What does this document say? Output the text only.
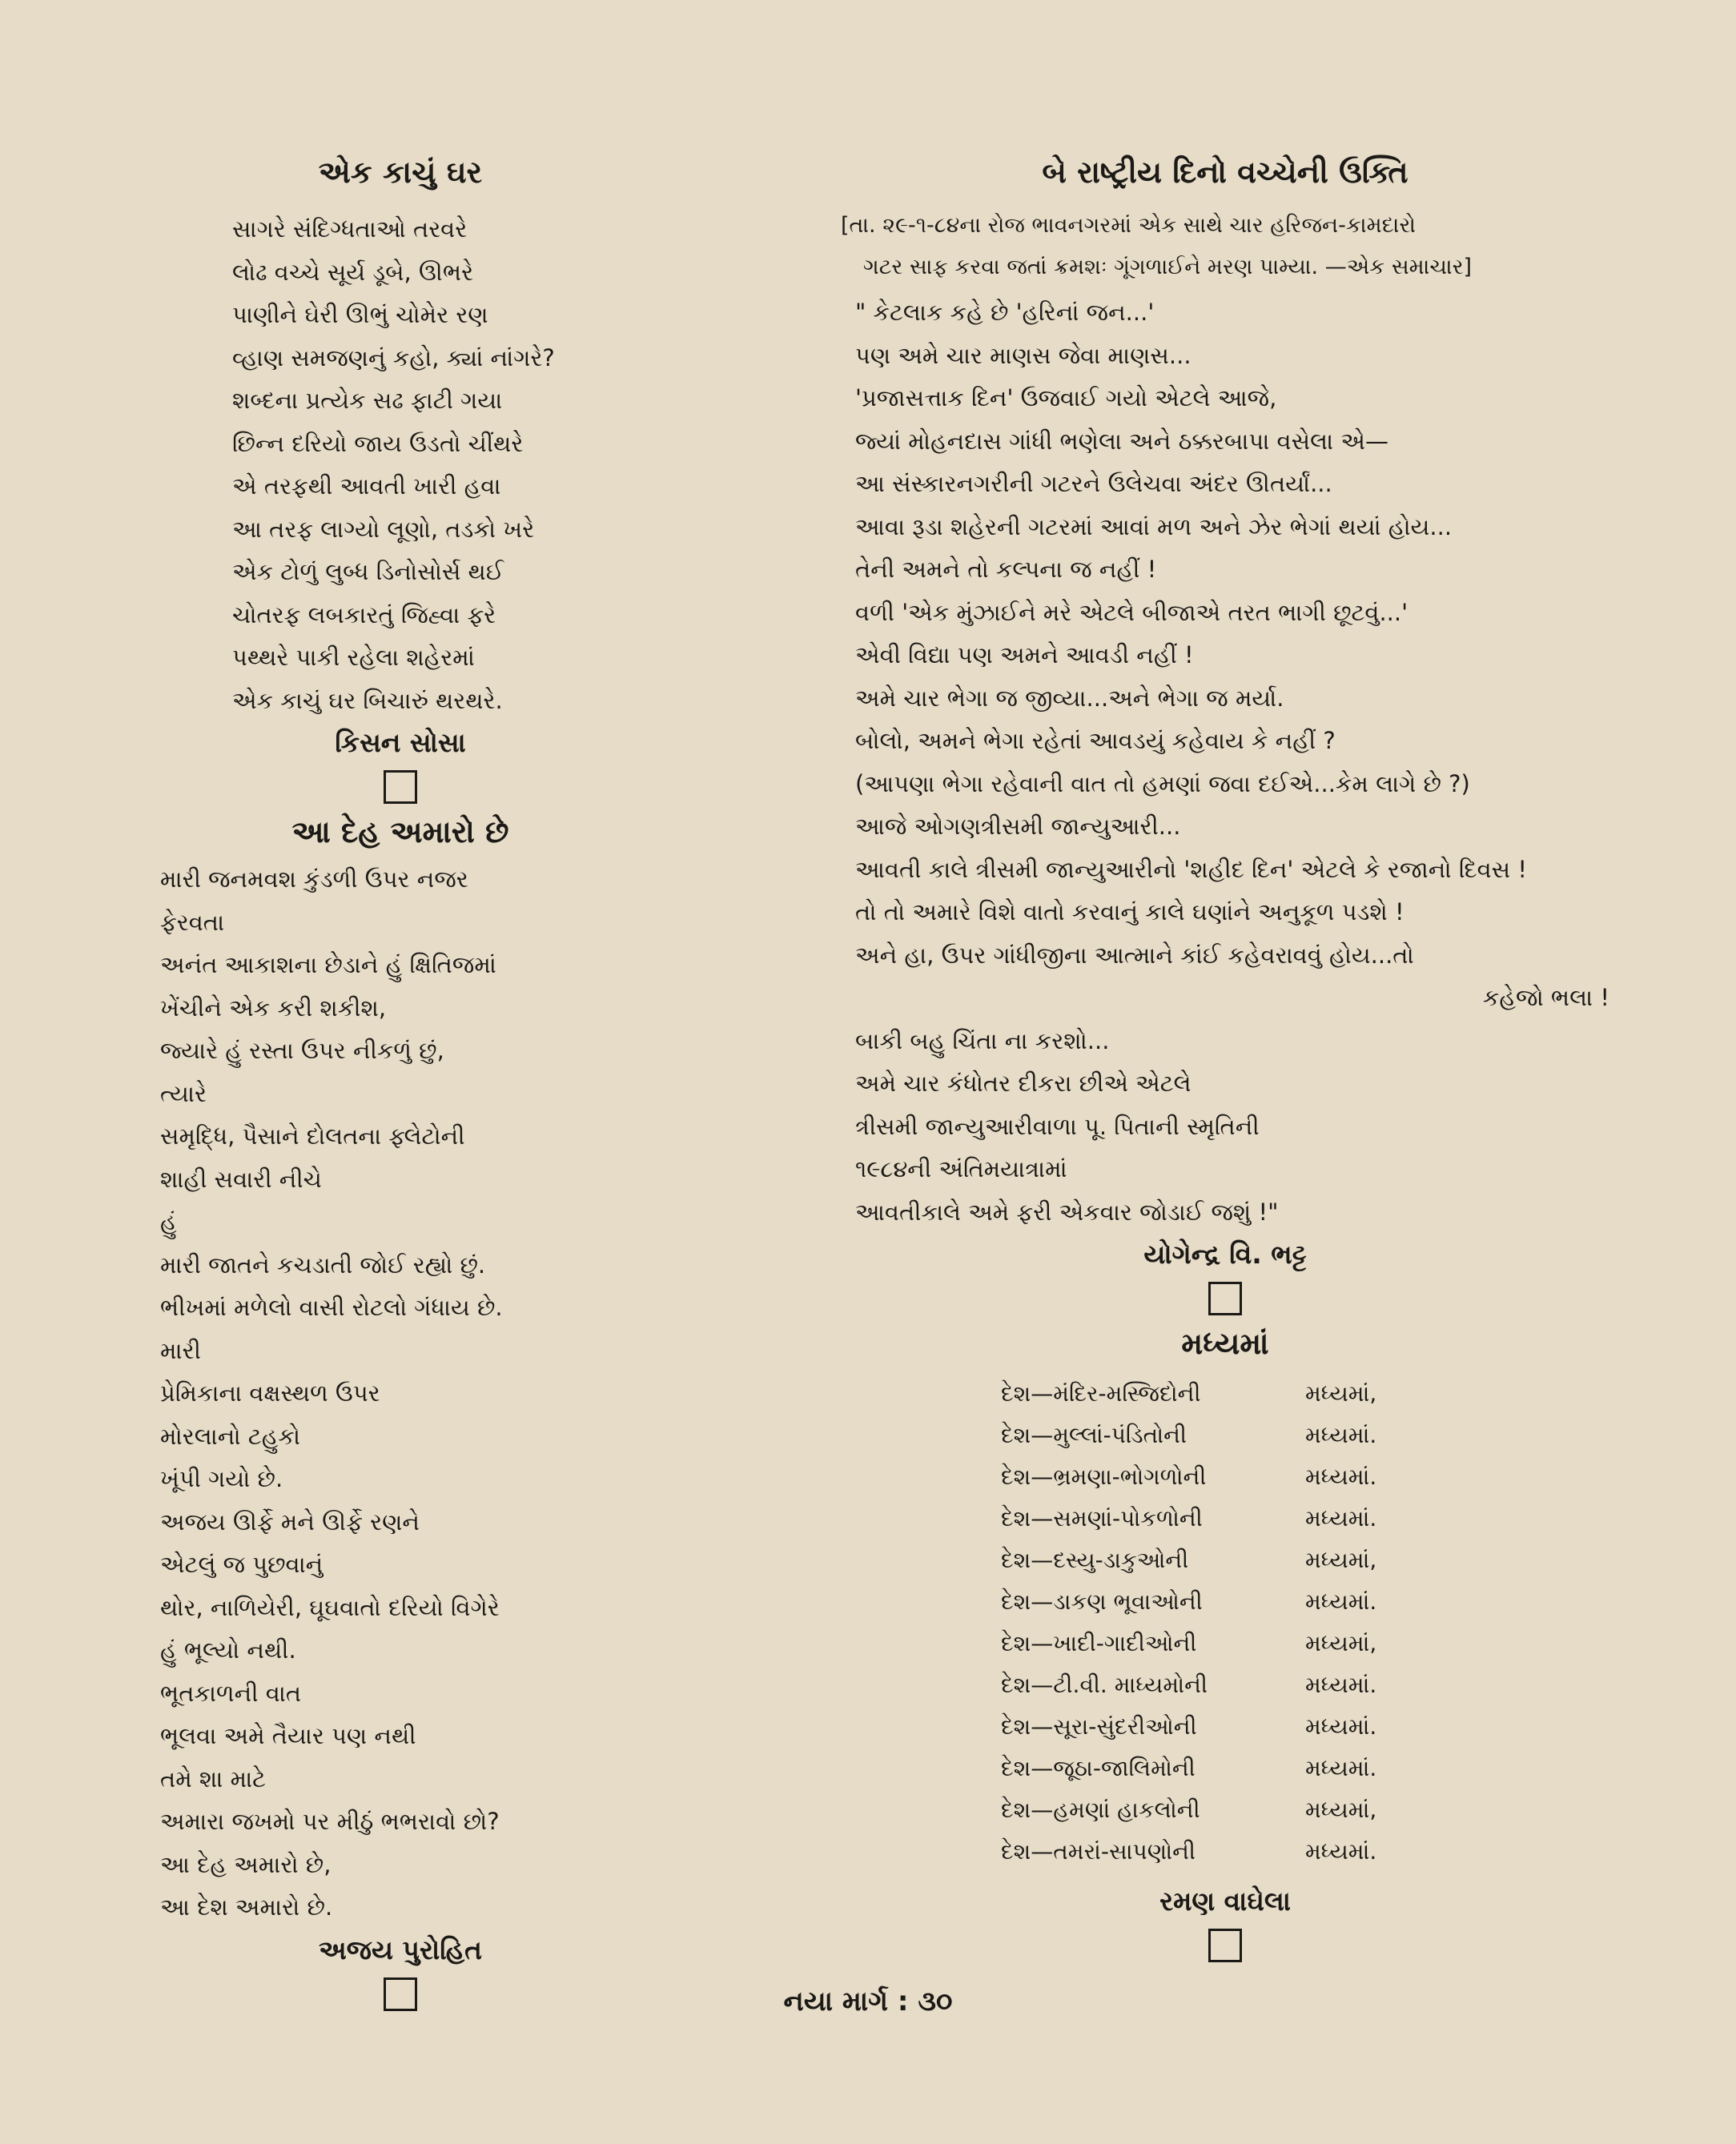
એક કાચું ઘર
સાગરે સંદિગ્ધતાઓ તરવરે
લોઢ વચ્ચે સૂર્ય ડૂબે, ઊભરે
પાણીને ઘેરી ઊભું ચોમેર રણ
વ્હાણ સમજણનું કહો, ક્યાં નાંગરે?
શબ્દના પ્રત્યેક સઢ ફાટી ગયા
છિન્ન દરિયો જાય ઉડતો ચીંથરે
એ તરફથી આવતી ખારી હવા
આ તરફ લાગ્યો લૂણો, તડકો ખરે
એક ટોળું લુબ્ધ ડિનોસોર્સ થઈ
ચોતરફ લબકારતું જિહ્વા ફરે
પથ્થરે પાકી રહેલા શહેરમાં
એક કાચું ઘર બિચારું થરથરે.
કિસન સોસા
આ દેહ અમારો છે
મારી જનમવશ કુંડળી ઉપર નજર
ફેરવતા
અનંત આકાશના છેડાને હું ક્ષિતિજમાં
ખેંચીને એક કરી શકીશ,
જ્યારે હું રસ્તા ઉપર નીકળું છું,
ત્યારે
સમૃદ્ધિ, પૈસાને દોલતના ફ્લેટોની
શાહી સવારી નીચે
હું
મારી જાતને કચડાતી જોઈ રહ્યો છું.
ભીખમાં મળેલો વાસી રોટલો ગંધાય છે.
મારી
પ્રેમિકાના વક્ષસ્થળ ઉપર
મોરલાનો ટહુકો
ખૂંપી ગયો છે.
અજય ઊર્ફે મને ઊર્ફે રણને
એટલું જ પુછવાનું
થોર, નાળિયેરી, ઘૂઘવાતો દરિયો વિગેરે
હું ભૂલ્યો નથી.
ભૂતકાળની વાત
ભૂલવા અમે તૈયાર પણ નથી
તમે શા માટે
અમારા જખમો પર મીઠું ભભરાવો છો?
આ દેહ અમારો છે,
આ દેશ અમારો છે.
અજય પુરોહિત
બે રાષ્ટ્રીય દિનો વચ્ચેની ઉક્તિ
[તા. ૨૯-૧-૮૪ના રોજ ભાવનગરમાં એક સાથે ચાર હરિજન-કામદારો
ગટર સાફ કરવા જતાં ક્રમશઃ ગૂંગળાઈને મરણ પામ્યા. —એક સમાચાર]
" કેટલાક કહે છે 'હરિનાં જન...'
પણ અમે ચાર માણસ જેવા માણસ...
'પ્રજાસત્તાક દિન' ઉજવાઈ ગયો એટલે આજે,
જ્યાં મોહનદાસ ગાંધી ભણેલા અને ઠક્કરબાપા વસેલા એ—
આ સંસ્કારનગરીની ગટરને ઉલેચવા અંદર ઊતર્યાં...
આવા રૂડા શહેરની ગટરમાં આવાં મળ અને ઝેર ભેગાં થયાં હોય...
તેની અમને તો કલ્પના જ નહીં !
વળી 'એક મુંઝાઈને મરે એટલે બીજાએ તરત ભાગી છૂટવું...'
એવી વિદ્યા પણ અમને આવડી નહીં !
અમે ચાર ભેગા જ જીવ્યા...અને ભેગા જ મર્યા.
બોલો, અમને ભેગા રહેતાં આવડયું કહેવાય કે નહીં ?
(આપણા ભેગા રહેવાની વાત તો હમણાં જવા દઈએ...કેમ લાગે છે ?)
આજે ઓગણત્રીસમી જાન્યુઆરી...
આવતી કાલે ત્રીસમી જાન્યુઆરીનો 'શહીદ દિન' એટલે કે રજાનો દિવસ !
તો તો અમારે વિશે વાતો કરવાનું કાલે ઘણાંને અનુકૂળ પડશે !
અને હા, ઉપર ગાંધીજીના આત્માને કાંઈ કહેવરાવવું હોય...તો
કહેજો ભલા !
બાકી બહુ ચિંતા ના કરશો...
અમે ચાર કંધોતર દીકરા છીએ એટલે
ત્રીસમી જાન્યુઆરીવાળા પૂ. પિતાની સ્મૃતિની
૧૯૮૪ની અંતિમયાત્રામાં
આવતીકાલે અમે ફરી એકવાર જોડાઈ જશું !"
યોગેન્દ્ર વિ. ભટ્ટ
મધ્યમાં
દેશ—મંદિર-મસ્જિદોની	મધ્યમાં,
દેશ—મુલ્લાં-પંડિતોની	મધ્યમાં.
દેશ—ભ્રમણા-ભોગળોની	મધ્યમાં.
દેશ—સમણાં-પોકળોની	મધ્યમાં.
દેશ—દસ્યુ-ડાકુઓની	મધ્યમાં,
દેશ—ડાકણ ભૂવાઓની	મધ્યમાં.
દેશ—ખાદી-ગાદીઓની	મધ્યમાં,
દેશ—ટી.વી. માધ્યમોની	મધ્યમાં.
દેશ—સૂરા-સુંદરીઓની	મધ્યમાં.
દેશ—જૂઠા-જાલિમોની	મધ્યમાં.
દેશ—હમણાં હાકલોની	મધ્યમાં,
દેશ—તમરાં-સાપણોની	મધ્યમાં.
રમણ વાઘેલા
નયા માર્ગ : ૩૦
